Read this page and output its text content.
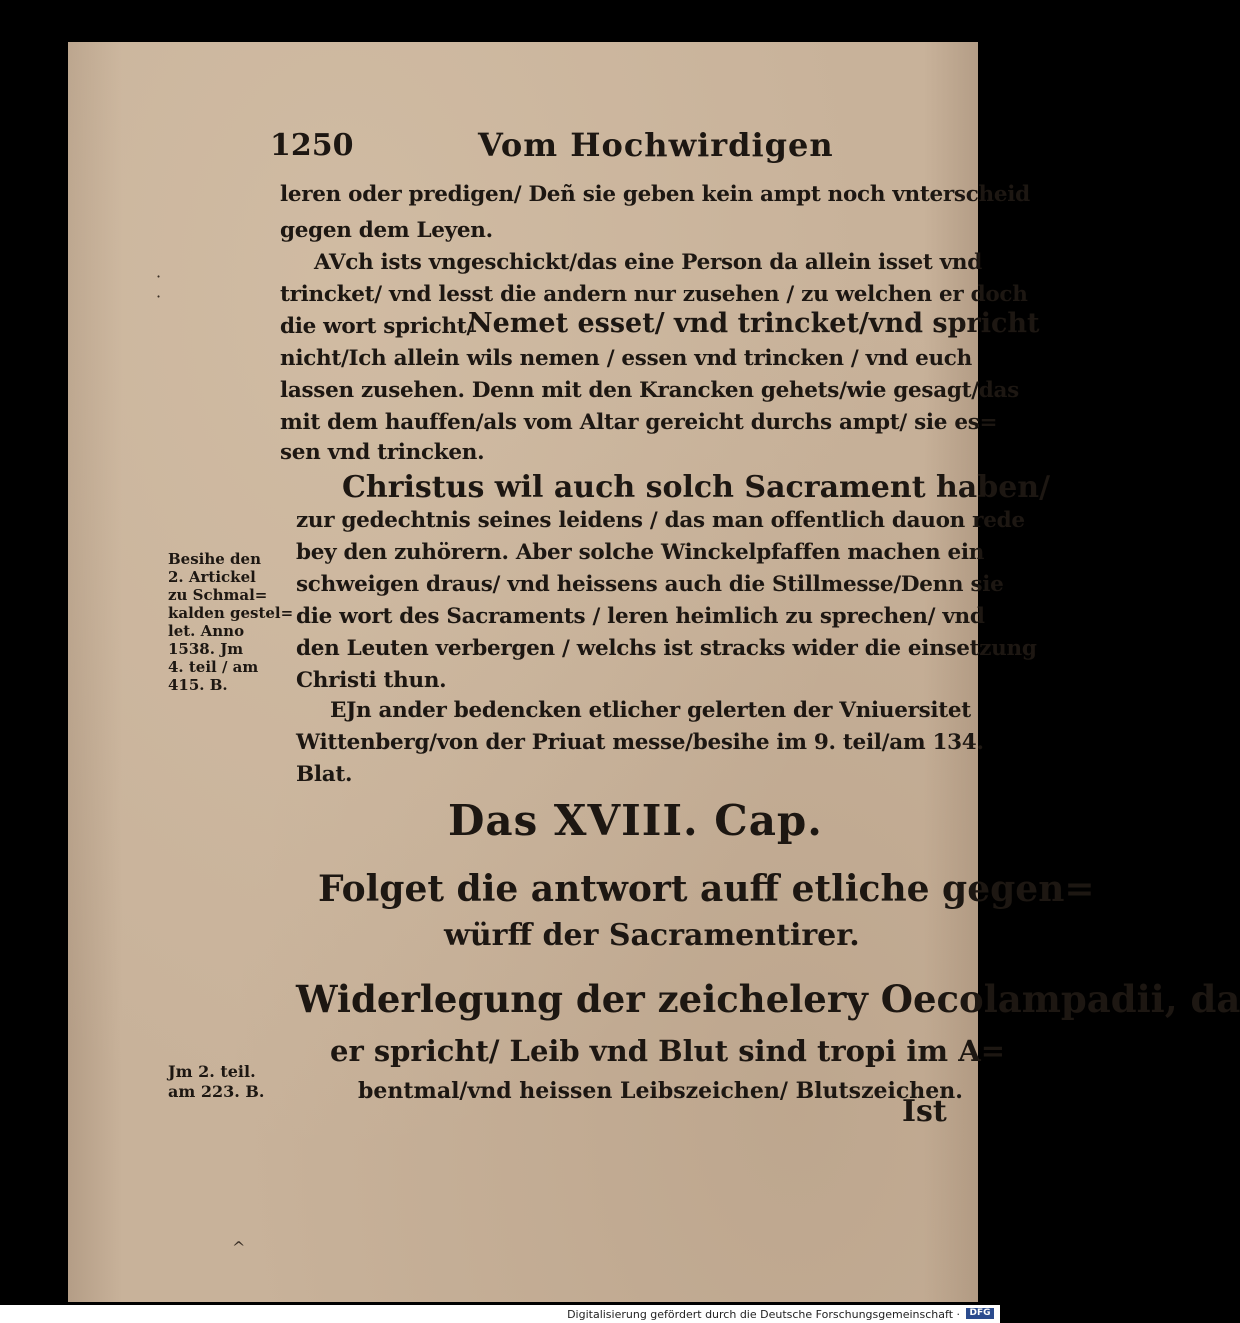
1250	Vom Hochwirdigen
·
·
leren oder predigen/ Deñ sie geben kein ampt noch vnterscheid
gegen dem Leyen.
AVch ists vngeschickt/das eine Person da allein isset vnd
trincket/ vnd lesst die andern nur zusehen / zu welchen er doch
die wort spricht/
Nemet esset/ vnd trincket/vnd spricht
nicht/Ich allein wils nemen / essen vnd trincken / vnd euch
lassen zusehen. Denn mit den Krancken gehets/wie gesagt/das
mit dem hauffen/als vom Altar gereicht durchs ampt/ sie es=
sen vnd trincken.
Christus wil auch solch Sacrament haben/
zur gedechtnis seines leidens / das man offentlich dauon rede
bey den zuhörern. Aber solche Winckelpfaffen machen ein
schweigen draus/ vnd heissens auch die Stillmesse/Denn sie
die wort des Sacraments / leren heimlich zu sprechen/ vnd
den Leuten verbergen / welchs ist stracks wider die einsetzung
Christi thun.
EJn ander bedencken etlicher gelerten der Vniuersitet
Wittenberg/von der Priuat messe/besihe im 9. teil/am 134.
Blat.
Besihe den
2. Artickel
zu Schmal=
kalden gestel=
let. Anno
1538. Jm
4. teil / am
415. B.
Das XVIII. Cap.
Folget die antwort auff etliche gegen=
würff der Sacramentirer.
Widerlegung der zeichelery Oecolampadii, da
er spricht/ Leib vnd Blut sind tropi im A=
bentmal/vnd heissen Leibszeichen/ Blutszeichen.
Jm 2. teil.
am 223. B.
Ist
^
Digitalisierung gefördert durch die Deutsche Forschungsgemeinschaft ·	DFG
